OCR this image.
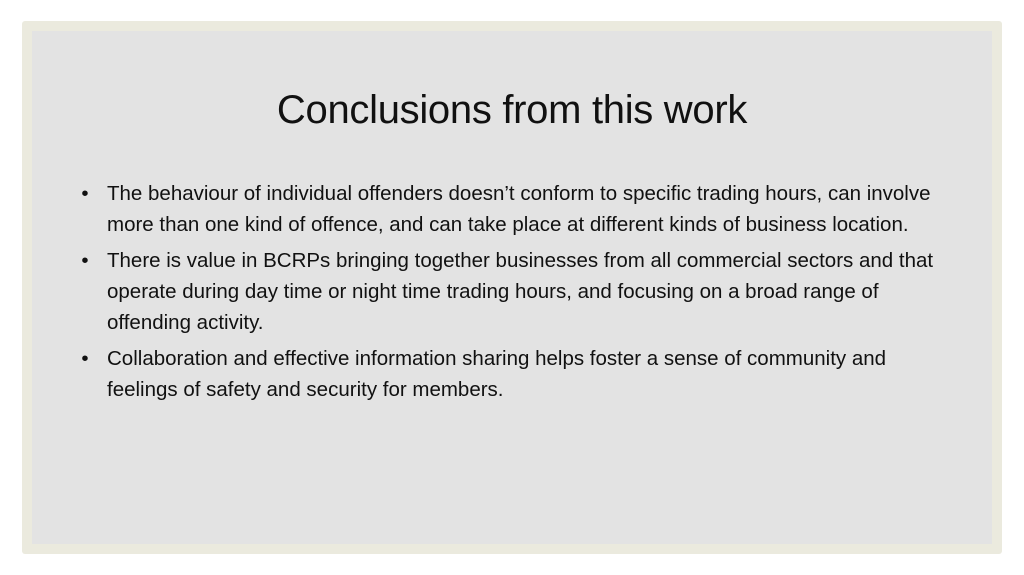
Conclusions from this work
• The behaviour of individual offenders doesn’t conform to specific trading hours, can involve more than one kind of offence, and can take place at different kinds of business location.
• There is value in BCRPs bringing together businesses from all commercial sectors and that operate during day time or night time trading hours, and focusing on a broad range of offending activity.
• Collaboration and effective information sharing helps foster a sense of community and feelings of safety and security for members.
